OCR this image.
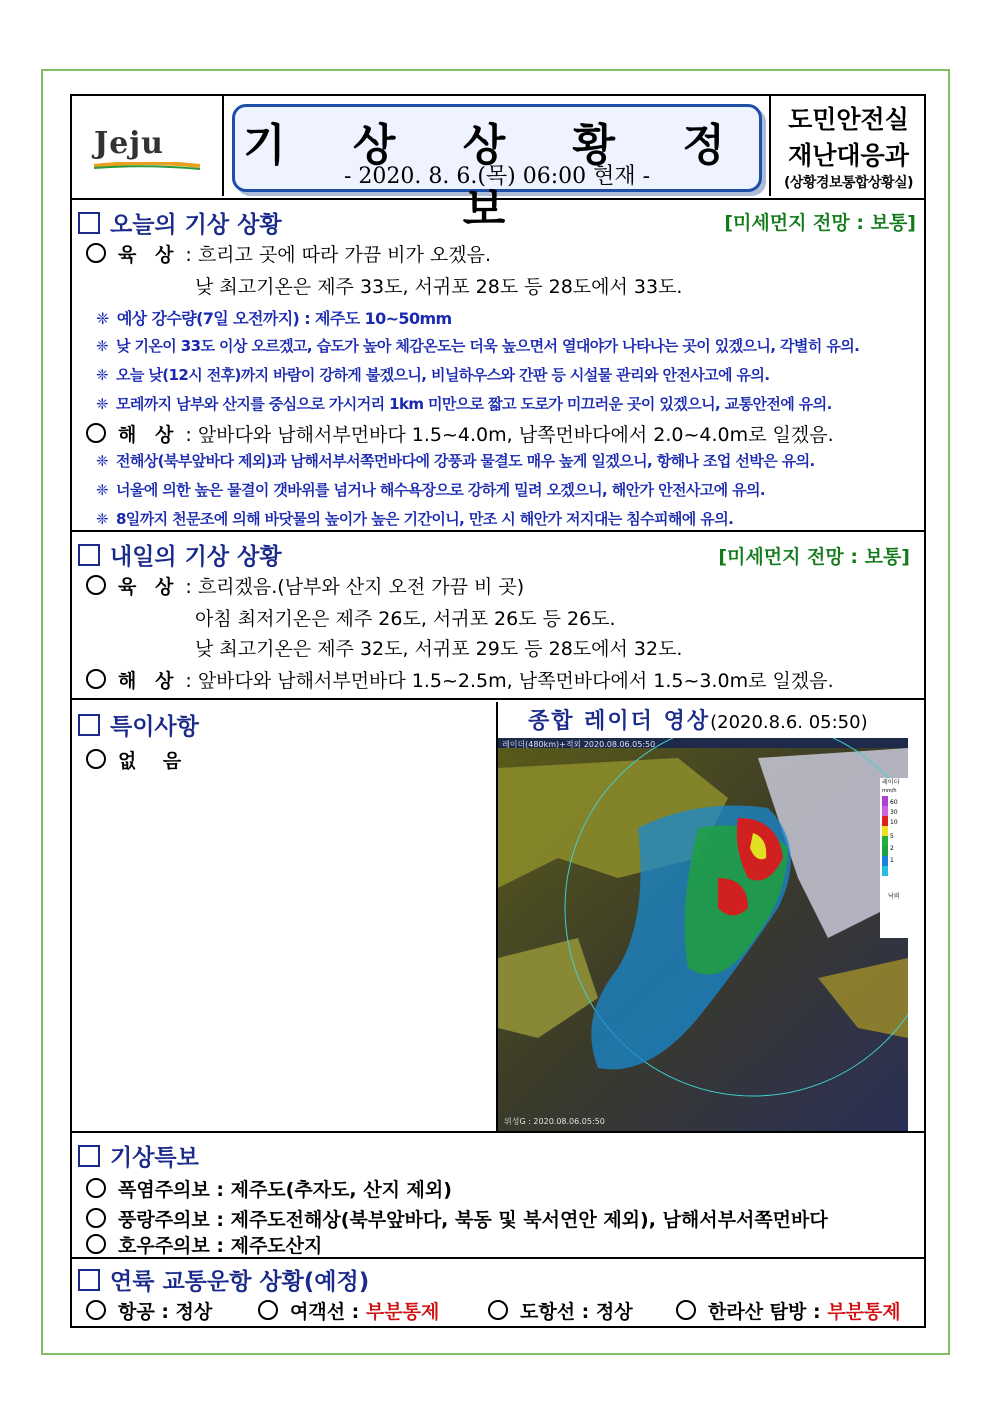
Jeju 기 상 상 황 정 보
- 2020. 8. 6.(목) 06:00 현재 -
도민안전실
재난대응과
(상황경보통합상황실)
오늘의 기상 상황	[미세먼지 전망 : 보통]
육 상 : 흐리고 곳에 따라 가끔 비가 오겠음.
낮 최고기온은 제주 33도, 서귀포 28도 등 28도에서 33도.
❈ 예상 강수량(7일 오전까지) : 제주도 10~50mm
❈ 낮 기온이 33도 이상 오르겠고, 습도가 높아 체감온도는 더욱 높으면서 열대야가 나타나는 곳이 있겠으니, 각별히 유의.
❈ 오늘 낮(12시 전후)까지 바람이 강하게 불겠으니, 비닐하우스와 간판 등 시설물 관리와 안전사고에 유의.
❈ 모레까지 남부와 산지를 중심으로 가시거리 1km 미만으로 짧고 도로가 미끄러운 곳이 있겠으니, 교통안전에 유의.
해 상 : 앞바다와 남해서부먼바다 1.5~4.0m, 남쪽먼바다에서 2.0~4.0m로 일겠음.
❈ 전해상(북부앞바다 제외)과 남해서부서쪽먼바다에 강풍과 물결도 매우 높게 일겠으니, 항해나 조업 선박은 유의.
❈ 너울에 의한 높은 물결이 갯바위를 넘거나 해수욕장으로 강하게 밀려 오겠으니, 해안가 안전사고에 유의.
❈ 8일까지 천문조에 의해 바닷물의 높이가 높은 기간이니, 만조 시 해안가 저지대는 침수피해에 유의.
내일의 기상 상황	[미세먼지 전망 : 보통]
육 상 : 흐리겠음.(남부와 산지 오전 가끔 비 곳)
아침 최저기온은 제주 26도, 서귀포 26도 등 26도.
낮 최고기온은 제주 32도, 서귀포 29도 등 28도에서 32도.
해 상 : 앞바다와 남해서부먼바다 1.5~2.5m, 남쪽먼바다에서 1.5~3.0m로 일겠음.
특이사항
없    음
종합 레이더 영상(2020.8.6. 05:50)
레이더(480km)+적외 2020.08.06.05:50
위성G : 2020.08.06.05:50
레이더
mm/h
60
30
10
5
2
1
낙뢰
기상특보
폭염주의보 : 제주도(추자도, 산지 제외)
풍랑주의보 : 제주도전해상(북부앞바다, 북동 및 북서연안 제외), 남해서부서쪽먼바다
호우주의보 : 제주도산지
연륙 교통운항 상황(예정)
항공 : 정상	여객선 : 부분통제	도항선 : 정상	한라산 탐방 : 부분통제
